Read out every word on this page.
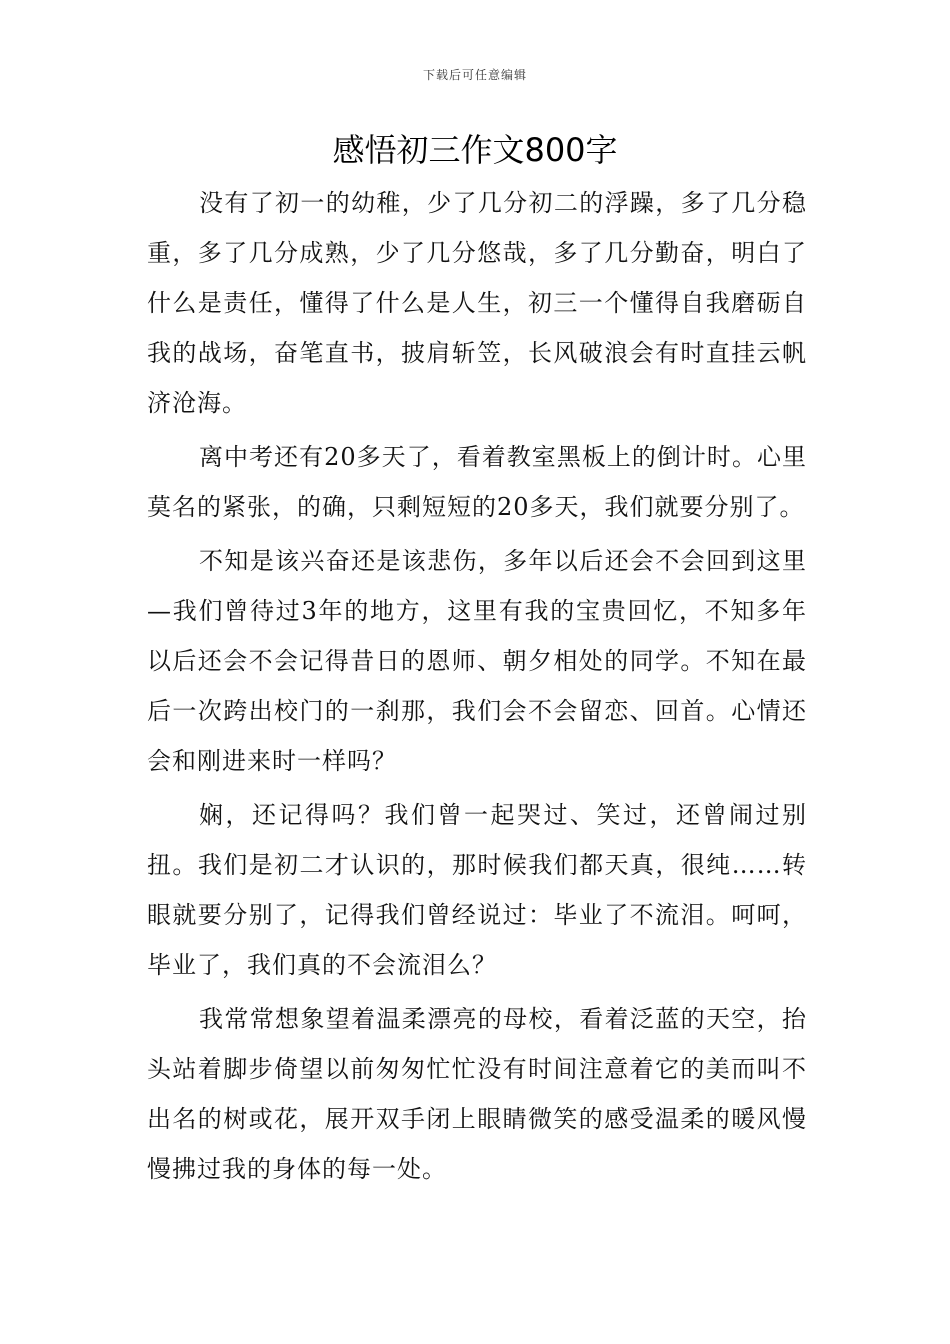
下载后可任意编辑
感悟初三作文800字

没有了初一的幼稚，少了几分初二的浮躁，多了几分稳重，多了几分成熟，少了几分悠哉，多了几分勤奋，明白了什么是责任，懂得了什么是人生，初三一个懂得自我磨砺自我的战场，奋笔直书，披肩斩笠，长风破浪会有时直挂云帆济沧海。

离中考还有20多天了，看着教室黑板上的倒计时。心里莫名的紧张，的确，只剩短短的20多天，我们就要分别了。

不知是该兴奋还是该悲伤，多年以后还会不会回到这里—我们曾待过3年的地方，这里有我的宝贵回忆，不知多年以后还会不会记得昔日的恩师、朝夕相处的同学。不知在最后一次跨出校门的一刹那，我们会不会留恋、回首。心情还会和刚进来时一样吗？

娴，还记得吗？我们曾一起哭过、笑过，还曾闹过别扭。我们是初二才认识的，那时候我们都天真，很纯……转眼就要分别了，记得我们曾经说过：毕业了不流泪。呵呵，毕业了，我们真的不会流泪么？

我常常想象望着温柔漂亮的母校，看着泛蓝的天空，抬头站着脚步倚望以前匆匆忙忙没有时间注意着它的美而叫不出名的树或花，展开双手闭上眼睛微笑的感受温柔的暖风慢慢拂过我的身体的每一处。
